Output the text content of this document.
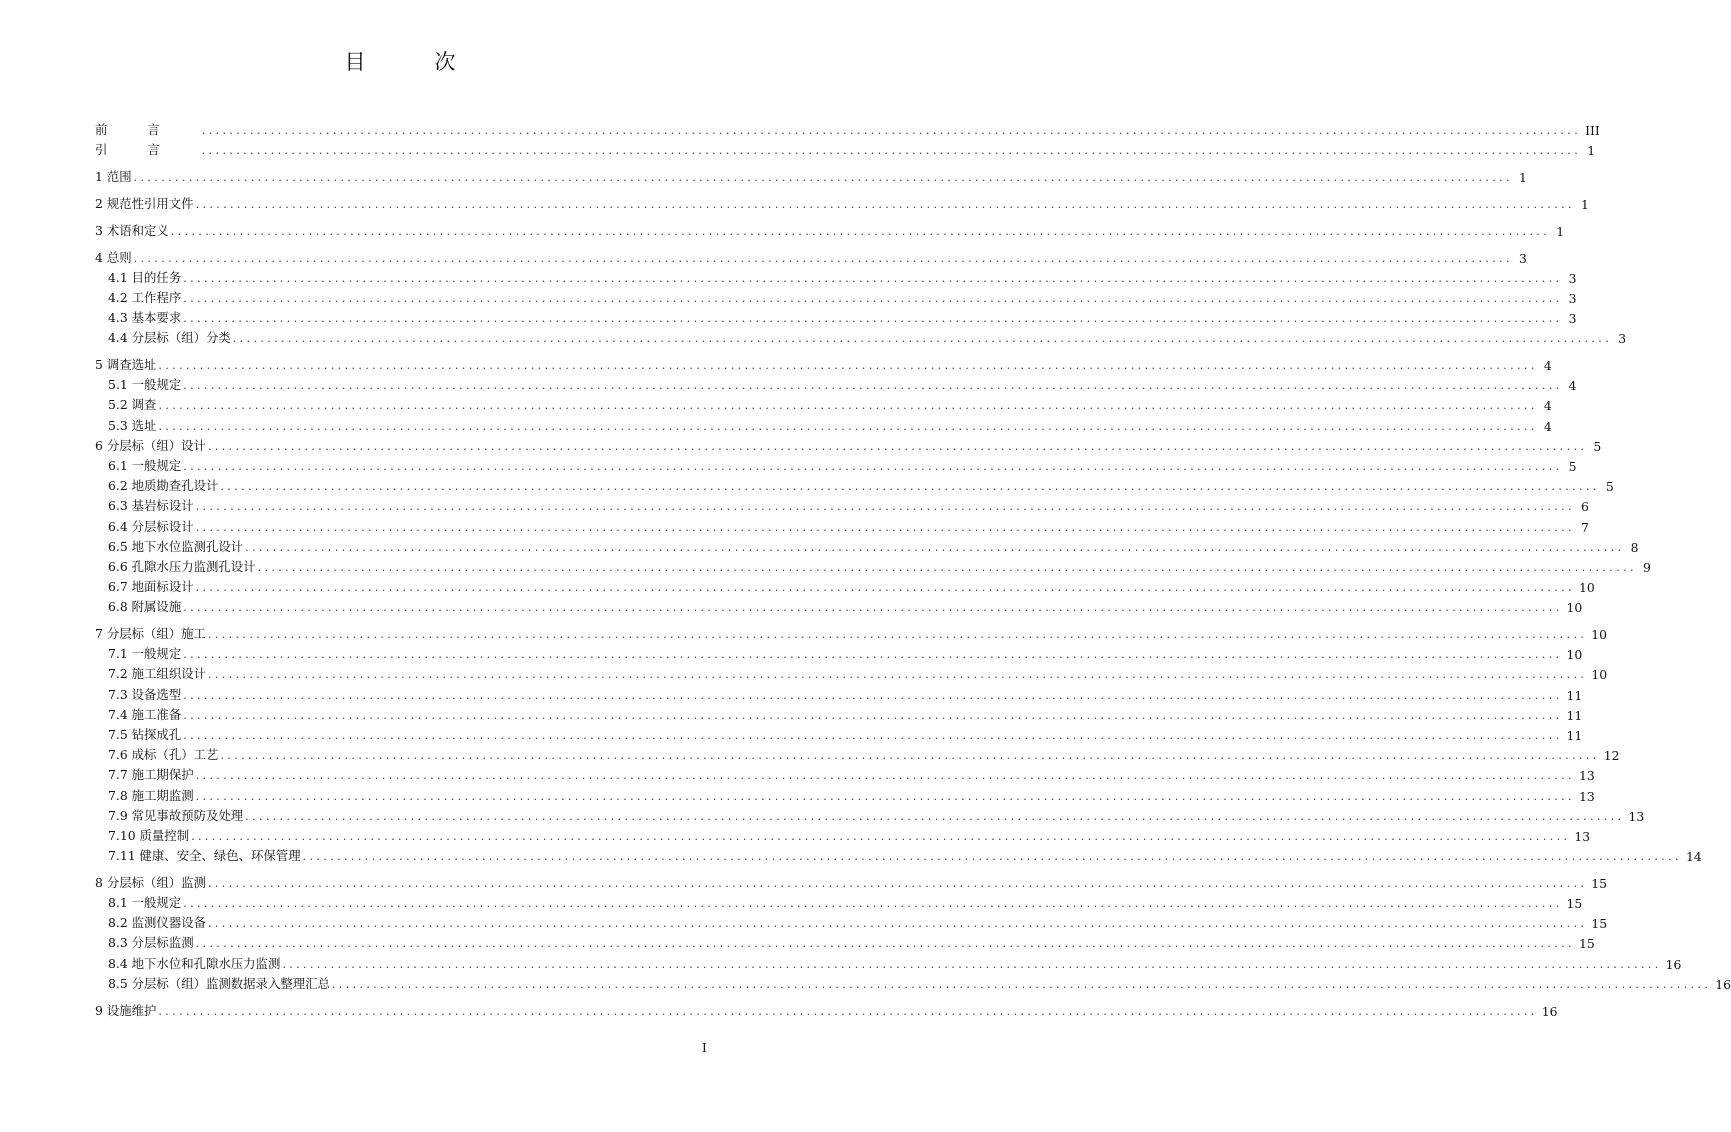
目　次
前言 ........................................................................................................................................................................................................ III
引言 ........................................................................................................................................................................................................ 1
1 范围 ........................................................................................................................................................................................................ 1
2 规范性引用文件 ........................................................................................................................................................................................................ 1
3 术语和定义 ........................................................................................................................................................................................................ 1
4 总则 ........................................................................................................................................................................................................ 3
4.1 目的任务 ........................................................................................................................................................................................................ 3
4.2 工作程序 ........................................................................................................................................................................................................ 3
4.3 基本要求 ........................................................................................................................................................................................................ 3
4.4 分层标（组）分类 ........................................................................................................................................................................................................ 3
5 调查选址 ........................................................................................................................................................................................................ 4
5.1 一般规定 ........................................................................................................................................................................................................ 4
5.2 调查 ........................................................................................................................................................................................................ 4
5.3 选址 ........................................................................................................................................................................................................ 4
6 分层标（组）设计 ........................................................................................................................................................................................................ 5
6.1 一般规定 ........................................................................................................................................................................................................ 5
6.2 地质勘查孔设计 ........................................................................................................................................................................................................ 5
6.3 基岩标设计 ........................................................................................................................................................................................................ 6
6.4 分层标设计 ........................................................................................................................................................................................................ 7
6.5 地下水位监测孔设计 ........................................................................................................................................................................................................ 8
6.6 孔隙水压力监测孔设计 ........................................................................................................................................................................................................ 9
6.7 地面标设计 ........................................................................................................................................................................................................ 10
6.8 附属设施 ........................................................................................................................................................................................................ 10
7 分层标（组）施工 ........................................................................................................................................................................................................ 10
7.1 一般规定 ........................................................................................................................................................................................................ 10
7.2 施工组织设计 ........................................................................................................................................................................................................ 10
7.3 设备选型 ........................................................................................................................................................................................................ 11
7.4 施工准备 ........................................................................................................................................................................................................ 11
7.5 钻探成孔 ........................................................................................................................................................................................................ 11
7.6 成标（孔）工艺 ........................................................................................................................................................................................................ 12
7.7 施工期保护 ........................................................................................................................................................................................................ 13
7.8 施工期监测 ........................................................................................................................................................................................................ 13
7.9 常见事故预防及处理 ........................................................................................................................................................................................................ 13
7.10 质量控制 ........................................................................................................................................................................................................ 13
7.11 健康、安全、绿色、环保管理 ........................................................................................................................................................................................................ 14
8 分层标（组）监测 ........................................................................................................................................................................................................ 15
8.1 一般规定 ........................................................................................................................................................................................................ 15
8.2 监测仪器设备 ........................................................................................................................................................................................................ 15
8.3 分层标监测 ........................................................................................................................................................................................................ 15
8.4 地下水位和孔隙水压力监测 ........................................................................................................................................................................................................ 16
8.5 分层标（组）监测数据录入整理汇总 ........................................................................................................................................................................................................ 16
9 设施维护 ........................................................................................................................................................................................................ 16
I
